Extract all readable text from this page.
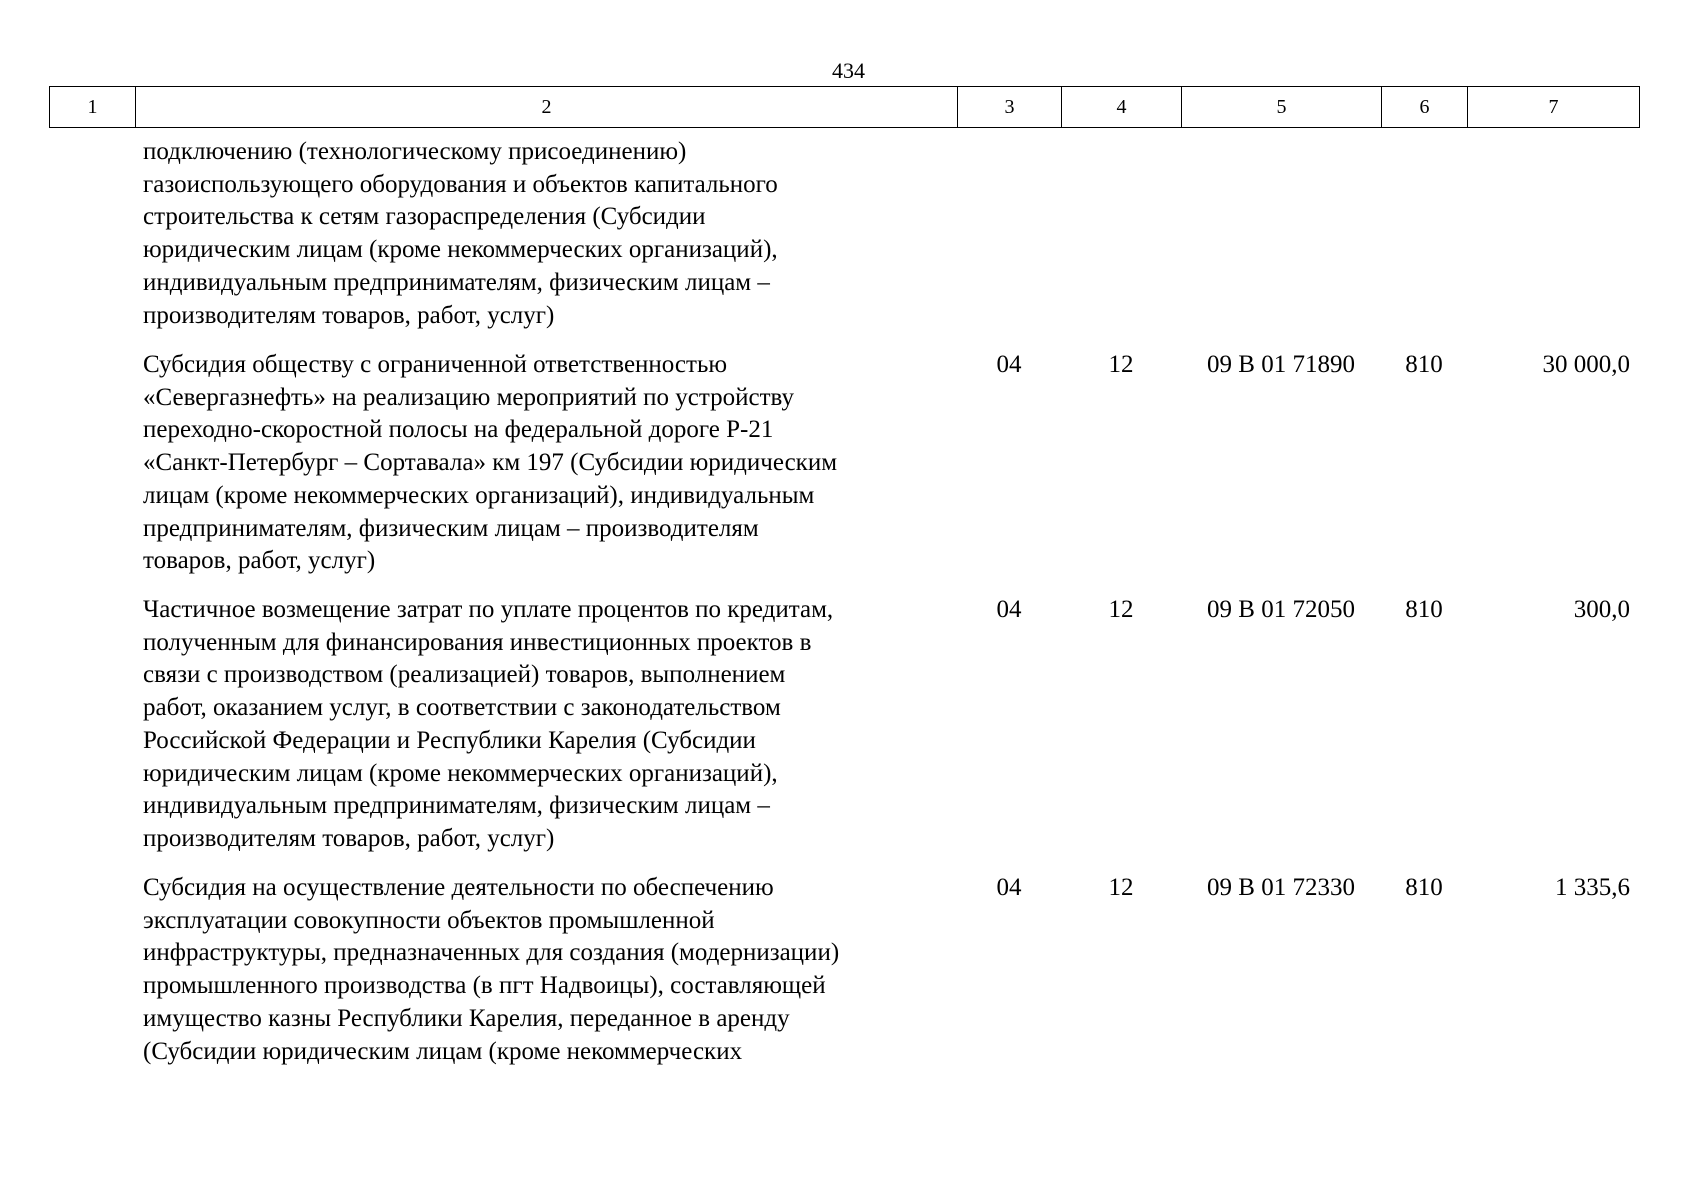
434
1	2	3	4	5	6	7
подключению (технологическому присоединению)
газоиспользующего оборудования и объектов капитального
строительства к сетям газораспределения (Субсидии
юридическим лицам (кроме некоммерческих организаций),
индивидуальным предпринимателям, физическим лицам –
производителям товаров, работ, услуг)
Субсидия обществу с ограниченной ответственностью
«Севергазнефть» на реализацию мероприятий по устройству
переходно-скоростной полосы на федеральной дороге Р-21
«Санкт-Петербург – Сортавала» км 197 (Субсидии юридическим
лицам (кроме некоммерческих организаций), индивидуальным
предпринимателям, физическим лицам – производителям
товаров, работ, услуг)
04	12	09 В 01 71890	810	30 000,0
Частичное возмещение затрат по уплате процентов по кредитам,
полученным для финансирования инвестиционных проектов в
связи с производством (реализацией) товаров, выполнением
работ, оказанием услуг, в соответствии с законодательством
Российской Федерации и Республики Карелия (Субсидии
юридическим лицам (кроме некоммерческих организаций),
индивидуальным предпринимателям, физическим лицам –
производителям товаров, работ, услуг)
04	12	09 В 01 72050	810	300,0
Субсидия на осуществление деятельности по обеспечению
эксплуатации совокупности объектов промышленной
инфраструктуры, предназначенных для создания (модернизации)
промышленного производства (в пгт Надвоицы), составляющей
имущество казны Республики Карелия, переданное в аренду
(Субсидии юридическим лицам (кроме некоммерческих
04	12	09 В 01 72330	810	1 335,6
